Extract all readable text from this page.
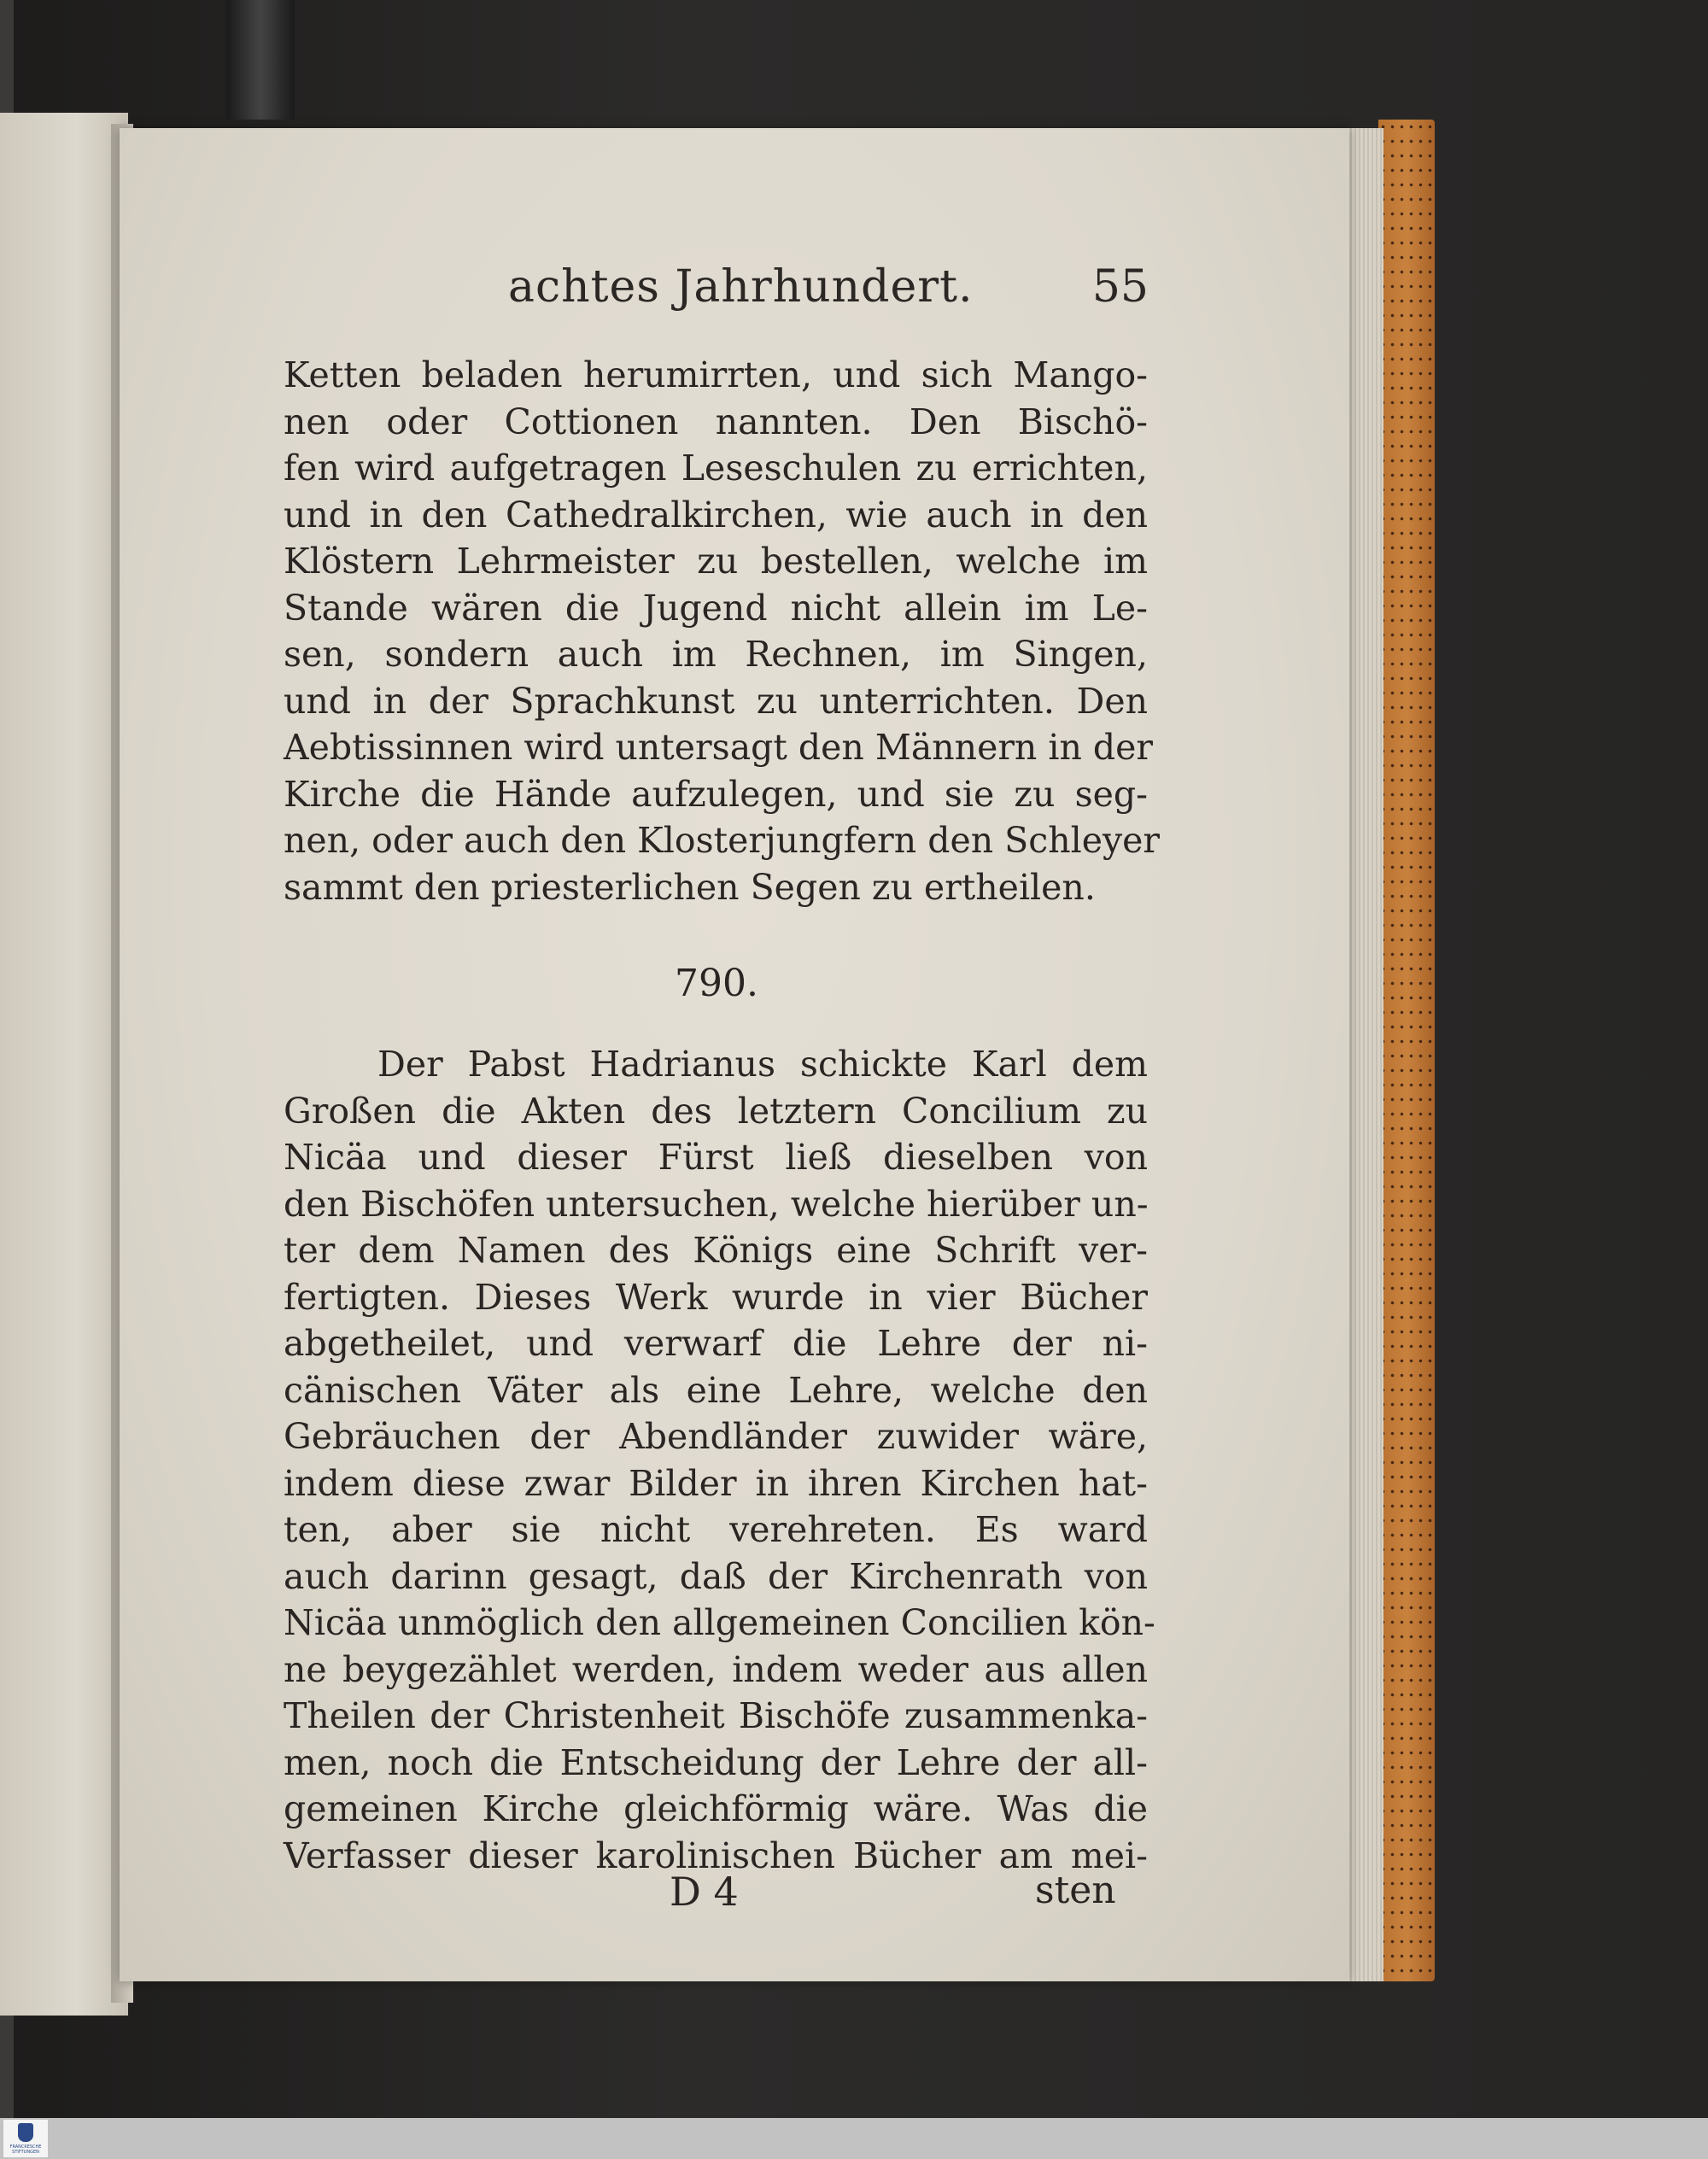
achtes Jahrhundert.	55
Ketten beladen herumirrten, und sich Mango-
nen oder Cottionen nannten. Den Bischö-
fen wird aufgetragen Leseschulen zu errichten,
und in den Cathedralkirchen, wie auch in den
Klöstern Lehrmeister zu bestellen, welche im
Stande wären die Jugend nicht allein im Le-
sen, sondern auch im Rechnen, im Singen,
und in der Sprachkunst zu unterrichten. Den
Aebtissinnen wird untersagt den Männern in der
Kirche die Hände aufzulegen, und sie zu seg-
nen, oder auch den Klosterjungfern den Schleyer
sammt den priesterlichen Segen zu ertheilen.
790.
Der Pabst Hadrianus schickte Karl dem
Großen die Akten des letztern Concilium zu
Nicäa und dieser Fürst ließ dieselben von
den Bischöfen untersuchen, welche hierüber un-
ter dem Namen des Königs eine Schrift ver-
fertigten. Dieses Werk wurde in vier Bücher
abgetheilet, und verwarf die Lehre der ni-
cänischen Väter als eine Lehre, welche den
Gebräuchen der Abendländer zuwider wäre,
indem diese zwar Bilder in ihren Kirchen hat-
ten, aber sie nicht verehreten. Es ward
auch darinn gesagt, daß der Kirchenrath von
Nicäa unmöglich den allgemeinen Concilien kön-
ne beygezählet werden, indem weder aus allen
Theilen der Christenheit Bischöfe zusammenka-
men, noch die Entscheidung der Lehre der all-
gemeinen Kirche gleichförmig wäre. Was die
Verfasser dieser karolinischen Bücher am mei-
D 4	sten
FRANCKESCHE STIFTUNGEN
